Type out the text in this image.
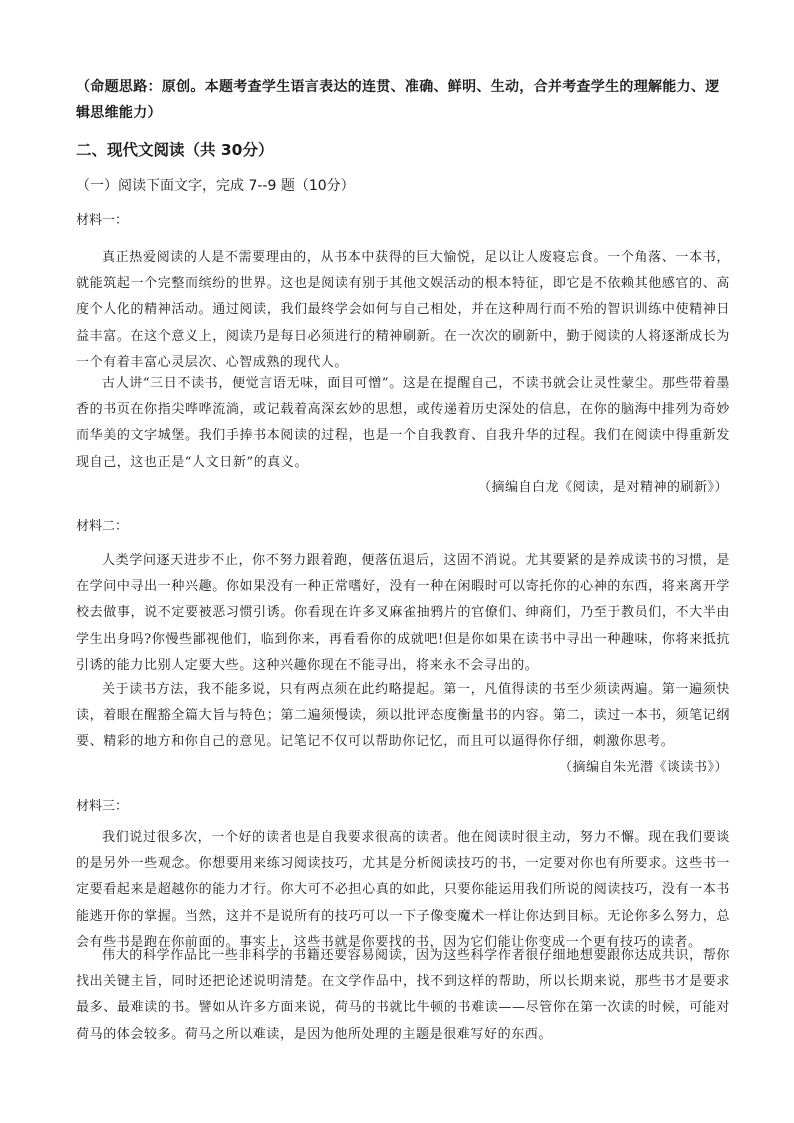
（命题思路：原创。本题考查学生语言表达的连贯、准确、鲜明、生动，合并考查学生的理解能力、逻辑思维能力）
二、现代文阅读（共 30分）
（一）阅读下面文字，完成 7--9 题（10分）
材料一：
真正热爱阅读的人是不需要理由的，从书本中获得的巨大愉悦，足以让人废寝忘食。一个角落、一本书，就能筑起一个完整而缤纷的世界。这也是阅读有别于其他文娱活动的根本特征，即它是不依赖其他感官的、高度个人化的精神活动。通过阅读，我们最终学会如何与自己相处，并在这种周行而不殆的智识训练中使精神日益丰富。在这个意义上，阅读乃是每日必须进行的精神刷新。在一次次的刷新中，勤于阅读的人将逐渐成长为一个有着丰富心灵层次、心智成熟的现代人。
古人讲“三日不读书，便觉言语无味，面目可憎”。这是在提醒自己，不读书就会让灵性蒙尘。那些带着墨香的书页在你指尖哗哗流淌，或记载着高深玄妙的思想，或传递着历史深处的信息，在你的脑海中排列为奇妙而华美的文字城堡。我们手捧书本阅读的过程，也是一个自我教育、自我升华的过程。我们在阅读中得重新发现自己，这也正是“人文日新”的真义。
（摘编自白龙《阅读，是对精神的刷新》）
材料二：
人类学问逐天进步不止，你不努力跟着跑，便落伍退后，这固不消说。尤其要紧的是养成读书的习惯，是在学问中寻出一种兴趣。你如果没有一种正常嗜好，没有一种在闲暇时可以寄托你的心神的东西，将来离开学校去做事，说不定要被恶习惯引诱。你看现在许多叉麻雀抽鸦片的官僚们、绅商们，乃至于教员们，不大半由学生出身吗?你慢些鄙视他们，临到你来，再看看你的成就吧!但是你如果在读书中寻出一种趣味，你将来抵抗引诱的能力比别人定要大些。这种兴趣你现在不能寻出，将来永不会寻出的。
关于读书方法，我不能多说，只有两点须在此约略提起。第一，凡值得读的书至少须读两遍。第一遍须快读，着眼在醒豁全篇大旨与特色；第二遍须慢读，须以批评态度衡量书的内容。第二，读过一本书，须笔记纲要、精彩的地方和你自己的意见。记笔记不仅可以帮助你记忆，而且可以逼得你仔细，刺激你思考。
（摘编自朱光潜《谈读书》）
材料三：
我们说过很多次，一个好的读者也是自我要求很高的读者。他在阅读时很主动，努力不懈。现在我们要谈的是另外一些观念。你想要用来练习阅读技巧，尤其是分析阅读技巧的书，一定要对你也有所要求。这些书一定要看起来是超越你的能力才行。你大可不必担心真的如此，只要你能运用我们所说的阅读技巧，没有一本书能逃开你的掌握。当然，这并不是说所有的技巧可以一下子像变魔术一样让你达到目标。无论你多么努力，总会有些书是跑在你前面的。事实上，这些书就是你要找的书，因为它们能让你变成一个更有技巧的读者。
伟大的科学作品比一些非科学的书籍还要容易阅读，因为这些科学作者很仔细地想要跟你达成共识，帮你找出关键主旨，同时还把论述说明清楚。在文学作品中，找不到这样的帮助，所以长期来说，那些书才是要求最多、最难读的书。譬如从许多方面来说，荷马的书就比牛顿的书难读——尽管你在第一次读的时候，可能对荷马的体会较多。荷马之所以难读，是因为他所处理的主题是很难写好的东西。
